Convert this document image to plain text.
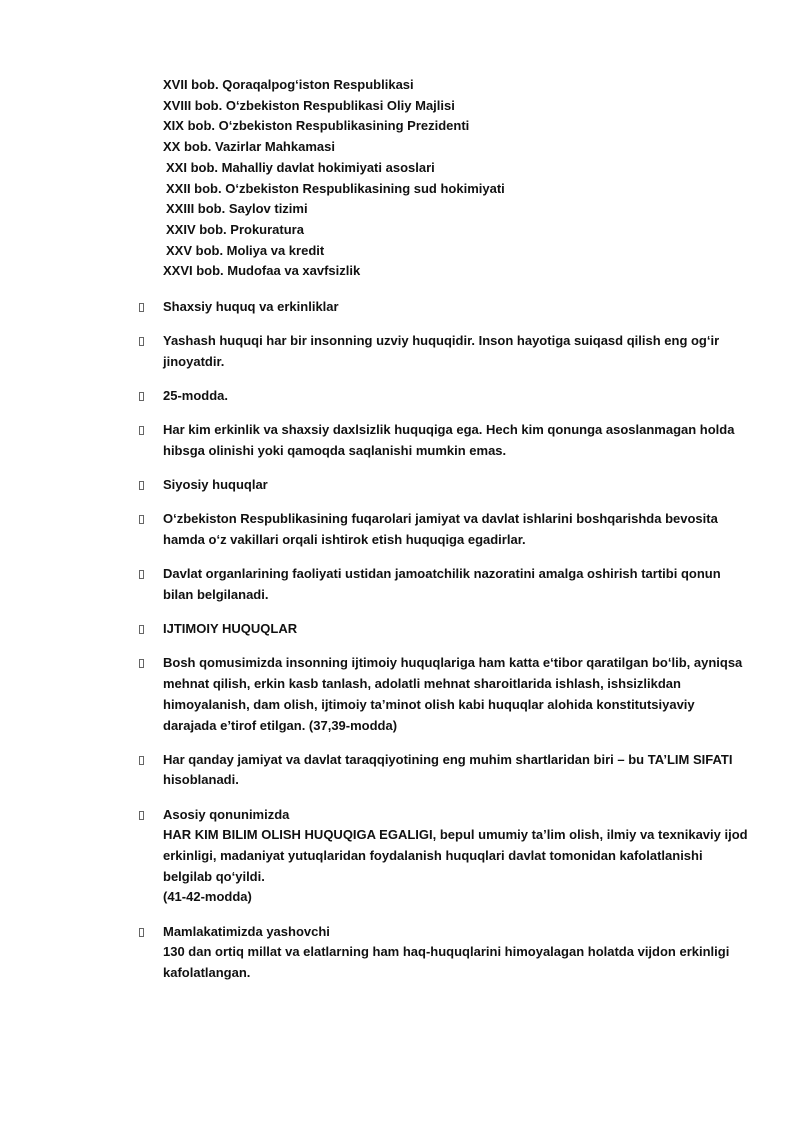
XVII bob. Qoraqalpog‘iston Respublikasi
XVIII bob. O‘zbekiston Respublikasi Oliy Majlisi
XIX bob. O‘zbekiston Respublikasining Prezidenti
XX bob. Vazirlar Mahkamasi
XXI bob. Mahalliy davlat hokimiyati asoslari
XXII bob. O‘zbekiston Respublikasining sud hokimiyati
XXIII bob. Saylov tizimi
XXIV bob. Prokuratura
XXV bob. Moliya va kredit
XXVI bob. Mudofaa va xavfsizlik
Shaxsiy huquq va erkinliklar
Yashash huquqi har bir insonning uzviy huquqidir. Inson hayotiga suiqasd qilish eng og‘ir
jinoyatdir.
25-modda.
Har kim erkinlik va shaxsiy daxlsizlik huquqiga ega. Hech kim qonunga asoslanmagan holda
hibsga olinishi yoki qamoqda saqlanishi mumkin emas.
Siyosiy huquqlar
O‘zbekiston Respublikasining fuqarolari jamiyat va davlat ishlarini boshqarishda bevosita
hamda o‘z vakillari orqali ishtirok etish huquqiga egadirlar.
Davlat organlarining faoliyati ustidan jamoatchilik nazoratini amalga oshirish tartibi qonun
bilan belgilanadi.
IJTIMOIY HUQUQLAR
Bosh qomusimizda insonning ijtimoiy huquqlariga ham katta e‘tibor qaratilgan bo‘lib, ayniqsa
mehnat qilish, erkin kasb tanlash, adolatli mehnat sharoitlarida ishlash, ishsizlikdan
himoyalanish, dam olish, ijtimoiy ta’minot olish kabi huquqlar alohida konstitutsiyaviy
darajada e’tirof etilgan. (37,39-modda)
Har qanday jamiyat va davlat taraqqiyotining eng muhim shartlaridan biri – bu TA’LIM SIFATI
hisoblanadi.
Asosiy qonunimizda
HAR KIM BILIM OLISH HUQUQIGA EGALIGI, bepul umumiy ta’lim olish, ilmiy va texnikaviy ijod
erkinligi, madaniyat yutuqlaridan foydalanish huquqlari davlat tomonidan kafolatlanishi
belgilab qo‘yildi.
(41-42-modda)
Mamlakatimizda yashovchi
130 dan ortiq millat va elatlarning ham haq-huquqlarini himoyalagan holatda vijdon erkinligi
kafolatlangan.
